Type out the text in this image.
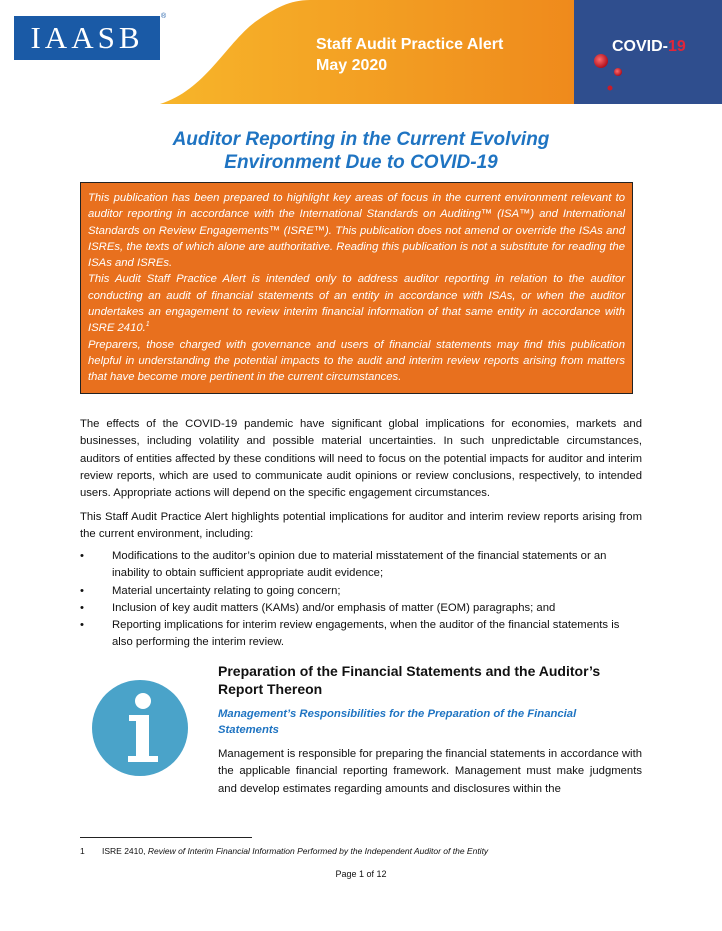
IAASB
®
Staff Audit Practice Alert
May 2020
COVID-19
Auditor Reporting in the Current Evolving
Environment Due to COVID-19

This publication has been prepared to highlight key areas of focus in the current environment relevant to auditor reporting in accordance with the International Standards on Auditing™ (ISA™) and International Standards on Review Engagements™ (ISRE™). This publication does not amend or override the ISAs and ISREs, the texts of which alone are authoritative. Reading this publication is not a substitute for reading the ISAs and ISREs.

This Audit Staff Practice Alert is intended only to address auditor reporting in relation to the auditor conducting an audit of financial statements of an entity in accordance with ISAs, or when the auditor undertakes an engagement to review interim financial information of that same entity in accordance with ISRE 2410.$^1$

Preparers, those charged with governance and users of financial statements may find this publication helpful in understanding the potential impacts to the audit and interim review reports arising from matters that have become more pertinent in the current circumstances.

The effects of the COVID-19 pandemic have significant global implications for economies, markets and businesses, including volatility and possible material uncertainties. In such unpredictable circumstances, auditors of entities affected by these conditions will need to focus on the potential impacts for auditor and interim review reports, which are used to communicate audit opinions or review conclusions, respectively, to intended users. Appropriate actions will depend on the specific engagement circumstances.

This Staff Audit Practice Alert highlights potential implications for auditor and interim review reports arising from the current environment, including:

• Modifications to the auditor’s opinion due to material misstatement of the financial statements or an inability to obtain sufficient appropriate audit evidence;
• Material uncertainty relating to going concern;
• Inclusion of key audit matters (KAMs) and/or emphasis of matter (EOM) paragraphs; and
• Reporting implications for interim review engagements, when the auditor of the financial statements is also performing the interim review.
Preparation of the Financial Statements and the Auditor’s Report Thereon
Management’s Responsibilities for the Preparation of the Financial Statements

Management is responsible for preparing the financial statements in accordance with the applicable financial reporting framework. Management must make judgments and develop estimates regarding amounts and disclosures within the

1 ISRE 2410, Review of Interim Financial Information Performed by the Independent Auditor of the Entity
Page 1 of 12
